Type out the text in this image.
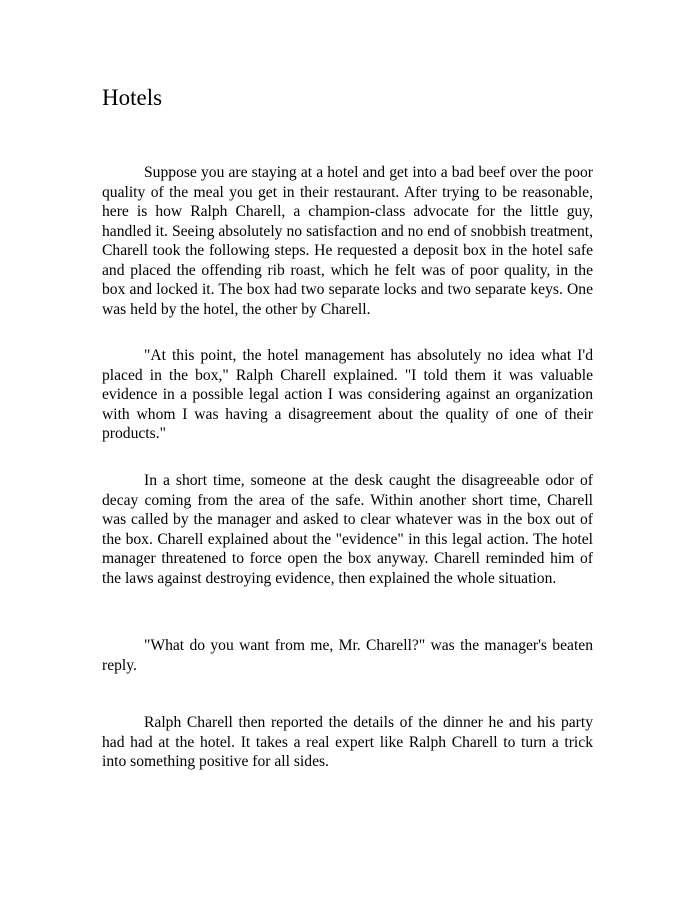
Hotels

Suppose you are staying at a hotel and get into a bad beef over the poor quality of the meal you get in their restaurant. After trying to be reasonable, here is how Ralph Charell, a champion-class advocate for the little guy, handled it. Seeing absolutely no satisfaction and no end of snobbish treatment, Charell took the following steps. He requested a deposit box in the hotel safe and placed the offending rib roast, which he felt was of poor quality, in the box and locked it. The box had two separate locks and two separate keys. One was held by the hotel, the other by Charell.

"At this point, the hotel management has absolutely no idea what I'd placed in the box," Ralph Charell explained. "I told them it was valuable evidence in a possible legal action I was considering against an organization with whom I was having a disagreement about the quality of one of their products."

In a short time, someone at the desk caught the disagreeable odor of decay coming from the area of the safe. Within another short time, Charell was called by the manager and asked to clear whatever was in the box out of the box. Charell explained about the "evidence" in this legal action. The hotel manager threatened to force open the box anyway. Charell reminded him of the laws against destroying evidence, then explained the whole situation.

"What do you want from me, Mr. Charell?" was the manager's beaten reply.

Ralph Charell then reported the details of the dinner he and his party had had at the hotel. It takes a real expert like Ralph Charell to turn a trick into something positive for all sides.
